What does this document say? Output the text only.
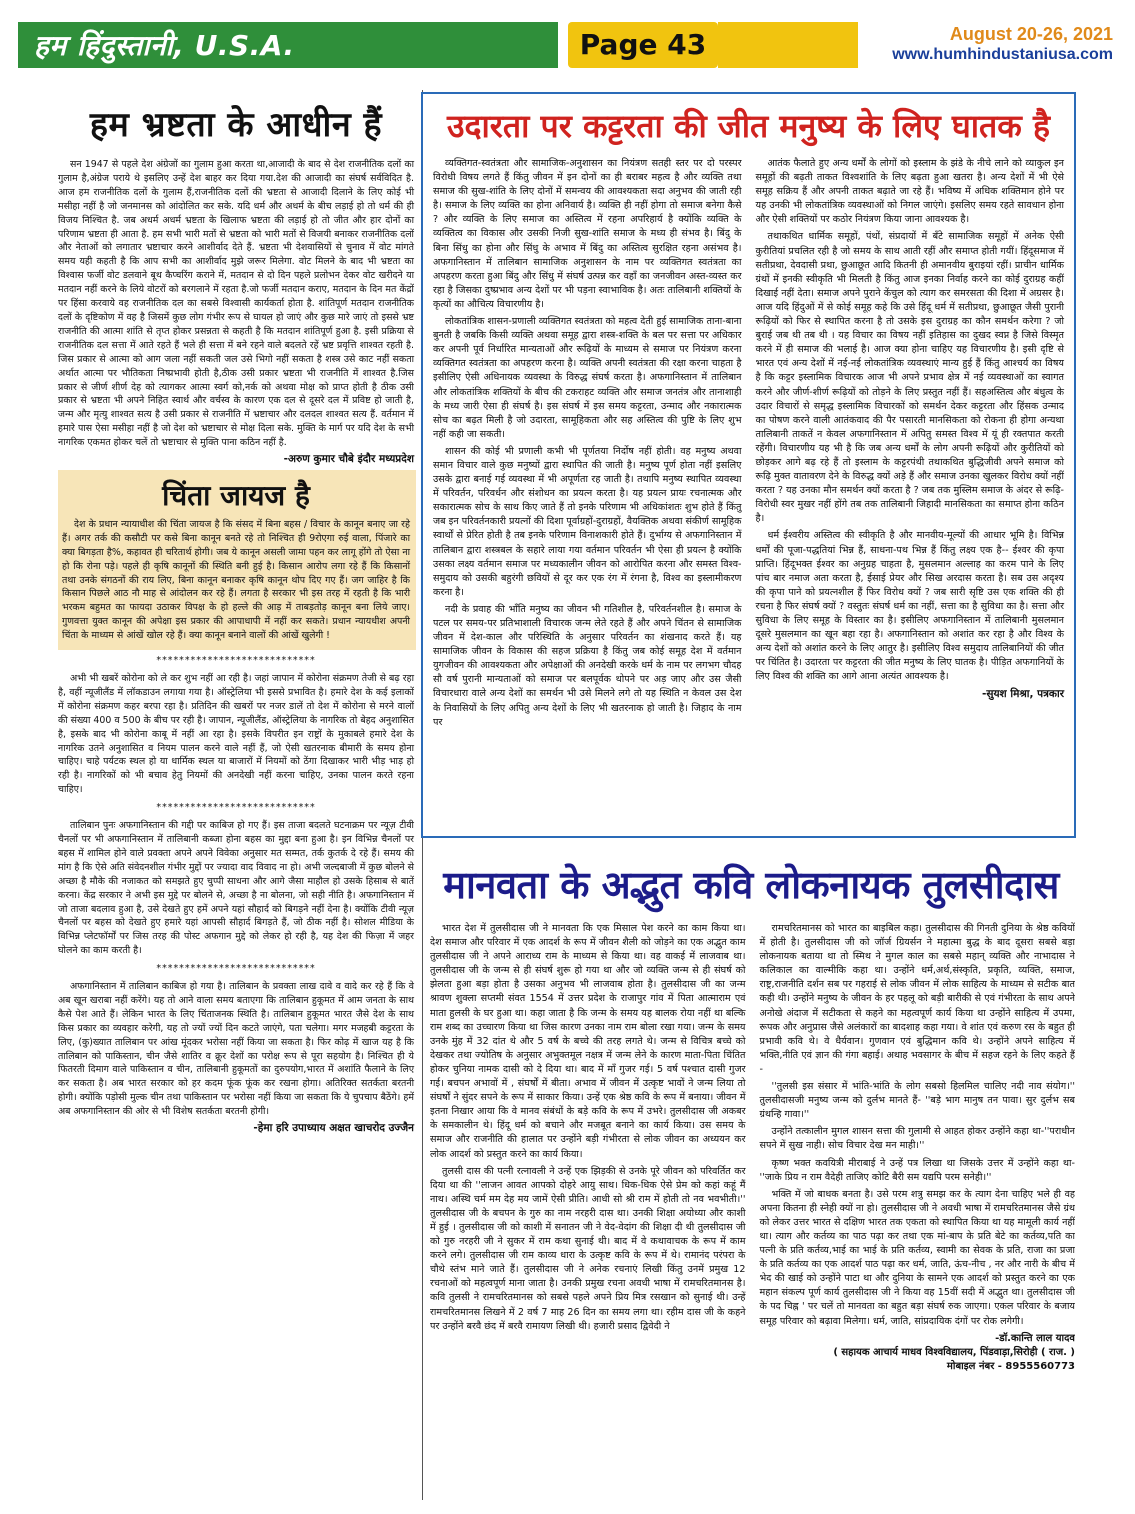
हम हिंदुस्तानी, U.S.A.	Page 43	August 20-26, 2021
www.humhindustaniusa.com
हम भ्रष्टता के आधीन हैं

सन 1947 से पहले देश अंग्रेजों का गुलाम हुआ करता था,आजादी के बाद से देश राजनीतिक दलों का गुलाम है,अंग्रेज पराये थे इसलिए उन्हें देश बाहर कर दिया गया.देश की आजादी का संघर्ष सर्वविदित है. आज हम राजनीतिक दलों के गुलाम हैं,राजनीतिक दलों की भ्रष्टता से आजादी दिलाने के लिए कोई भी मसीहा नहीं है जो जनमानस को आंदोलित कर सके. यदि धर्म और अधर्म के बीच लड़ाई हो तो धर्म की ही विजय निश्चित है. जब अधर्म अधर्म भ्रष्टता के खिलाफ भ्रष्टता की लड़ाई हो तो जीत और हार दोनों का परिणाम भ्रष्टता ही आता है. हम सभी भारी मतों से भ्रष्टता को भारी मतों से विजयी बनाकर राजनीतिक दलों और नेताओं को लगातार भ्रष्टाचार करने आशीर्वाद देते हैं. भ्रष्टता भी देशवासियों से चुनाव में वोट मांगते समय यही कहती है कि आप सभी का आशीर्वाद मुझे जरूर मिलेगा. वोट मिलने के बाद भी भ्रष्टता का विश्वास फर्जी वोट डलवाने बूथ कैप्चरिंग कराने में, मतदान से दो दिन पहले प्रलोभन देकर वोट खरीदने या मतदान नहीं करने के लिये वोटरों को बरगलाने में रहता है.जो फर्जी मतदान कराए, मतदान के दिन मत केंद्रों पर हिंसा करवाये वह राजनीतिक दल का सबसे विश्वासी कार्यकर्ता होता है. शांतिपूर्ण मतदान राजनीतिक दलों के दृष्टिकोण में वह है जिसमें कुछ लोग गंभीर रूप से घायल हो जाएं और कुछ मारे जाएं तो इससे भ्रष्ट राजनीति की आत्मा शांति से तृप्त होकर प्रसन्नता से कहती है कि मतदान शांतिपूर्ण हुआ है. इसी प्रक्रिया से राजनीतिक दल सत्ता में आते रहते हैं भले ही सत्ता में बने रहने वाले बदलते रहें भ्रष्ट प्रवृत्ति शाश्वत रहती है. जिस प्रकार से आत्मा को आग जला नहीं सकती जल उसे भिगो नहीं सकता है शस्त्र उसे काट नहीं सकता अर्थात आत्मा पर भौतिकता निष्प्रभावी होती है,ठीक उसी प्रकार भ्रष्टता भी राजनीति में शाश्वत है.जिस प्रकार से जीर्ण शीर्ण देह को त्यागकर आत्मा स्वर्ग को,नर्क को अथवा मोक्ष को प्राप्त होती है ठीक उसी प्रकार से भ्रष्टता भी अपने निहित स्वार्थ और वर्चस्व के कारण एक दल से दूसरे दल में प्रविष्ट हो जाती है, जन्म और मृत्यु शाश्वत सत्य है उसी प्रकार से राजनीति में भ्रष्टाचार और दलदल शाश्वत सत्य हैं. वर्तमान में हमारे पास ऐसा मसीहा नहीं है जो देश को भ्रष्टाचार से मोक्ष दिला सके. मुक्ति के मार्ग पर यदि देश के सभी नागरिक एकमत होकर चलें तो भ्रष्टाचार से मुक्ति पाना कठिन नहीं है.

-अरुण कुमार चौबे इंदौर मध्यप्रदेश

चिंता जायज है

देश के प्रधान न्यायाधीश की चिंता जायज है कि संसद में बिना बहस / विचार के कानून बनाए जा रहे हैं। अगर तर्क की कसौटी पर कसे बिना कानून बनते रहे तो निश्चित ही 9रोएगा रुई वाला, पिंजारे का क्या बिगड़ता है%, कहावत ही चरितार्थ होगी। जब ये कानून असली जामा पहन कर लागू होंगे तो ऐसा ना हो कि रोना पड़े। पहले ही कृषि कानूनों की स्थिति बनी हुई है। किसान आरोप लगा रहे हैं कि किसानों तथा उनके संगठनों की राय लिए, बिना कानून बनाकर कृषि कानून थोप दिए गए हैं। जग जाहिर है कि किसान पिछले आठ नौ माह से आंदोलन कर रहे हैं। लगता है सरकार भी इस तरह में रहती है कि भारी भरकम बहुमत का फायदा उठाकर विपक्ष के हो हल्ले की आड़ में ताबड़तोड़ कानून बना लिये जाए। गुणवत्ता युक्त कानून की अपेक्षा इस प्रकार की आपाधापी में नहीं कर सकते। प्रधान न्यायधीश अपनी चिंता के माध्यम से आंखें खोल रहे हैं। क्या कानून बनाने वालों की आंखें खुलेगी !

****************************

अभी भी खबरें कोरोना को ले कर शुभ नहीं आ रही है। जहां जापान में कोरोना संक्रमण तेजी से बढ़ रहा है, वहीं न्यूजीलैंड में लॉकडाउन लगाया गया है। ऑस्ट्रेलिया भी इससे प्रभावित है। हमारे देश के कई इलाकों में कोरोना संक्रमण कहर बरपा रहा है। प्रतिदिन की खबरों पर नजर डालें तो देश में कोरोना से मरने वालों की संख्या 400 व 500 के बीच पर रही है। जापान, न्यूजीलैंड, ऑस्ट्रेलिया के नागरिक तो बेहद अनुशासित है, इसके बाद भी कोरोना काबू में नहीं आ रहा है। इसके विपरीत इन राष्ट्रों के मुकाबले हमारे देश के नागरिक उतने अनुशासित व नियम पालन करने वाले नहीं हैं, जो ऐसी खतरनाक बीमारी के समय होना चाहिए। चाहे पर्यटक स्थल हो या धार्मिक स्थल या बाजारों में नियमों को ठेंगा दिखाकर भारी भीड़ भाड़ हो रही है। नागरिकों को भी बचाव हेतु नियमों की अनदेखी नहीं करना चाहिए, उनका पालन करते रहना चाहिए।

****************************

तालिबान पुनः अफगानिस्तान की गद्दी पर काबिज हो गए हैं। इस ताजा बदलते घटनाक्रम पर न्यूज़ टीवी चैनलों पर भी अफगानिस्तान में तालिबानी कब्जा होना बहस का मुद्दा बना हुआ है। इन विभिन्न चैनलों पर बहस में शामिल होने वाले प्रवक्ता अपने अपने विवेका अनुसार मत सम्मत, तर्क कुतर्क दे रहे हैं। समय की मांग है कि ऐसे अति संवेदनशील गंभीर मुद्दों पर ज्यादा वाद विवाद ना हो। अभी जल्दबाजी में कुछ बोलने से अच्छा है मौके की नजाकत को समझते हुए चुप्पी साधना और आगे जैसा माहौल हो उसके हिसाब से बातें करना। केंद्र सरकार ने अभी इस मुद्दे पर बोलने से, अच्छा है ना बोलना, जो सही नीति है। अफगानिस्तान में जो ताजा बदलाव हुआ है, उसे देखते हुए हमें अपने यहां सौहार्द को बिगड़ने नहीं देना है। क्योंकि टीवी न्यूज़ चैनलों पर बहस को देखते हुए हमारे यहां आपसी सौहार्द बिगड़ते हैं, जो ठीक नहीं है। सोशल मीडिया के विभिन्न प्लेटफॉर्मों पर जिस तरह की पोस्ट अफगान मुद्दे को लेकर हो रही है, यह देश की फिज़ा में जहर घोलने का काम करती है।

****************************

अफगानिस्तान में तालिबान काबिज हो गया है। तालिबान के प्रवक्ता लाख दावे व वादे कर रहे हैं कि वे अब खून खराबा नहीं करेंगे। यह तो आने वाला समय बताएगा कि तालिबान हुकूमत में आम जनता के साथ कैसे पेश आते हैं। लेकिन भारत के लिए चिंताजनक स्थिति है। तालिबान हुकूमत भारत जैसे देश के साथ किस प्रकार का व्यवहार करेगी, यह तो ज्यों ज्यों दिन कटते जाएंगे, पता चलेगा। मगर मजहबी कट्टरता के लिए, (कु)ख्यात तालिबान पर आंख मूंदकर भरोसा नहीं किया जा सकता है। फिर कोढ़ में खाज यह है कि तालिबान को पाकिस्तान, चीन जैसे शातिर व क्रूर देशों का परोक्ष रूप से पूरा सहयोग है। निश्चित ही ये फितरती दिमाग वाले पाकिस्तान व चीन, तालिबानी हुकूमतों का दुरुपयोग,भारत में अशांति फैलाने के लिए कर सकता है। अब भारत सरकार को हर कदम फूंक फूंक कर रखना होगा। अतिरिक्त सतर्कता बरतनी होगी। क्योंकि पड़ोसी मुल्क चीन तथा पाकिस्तान पर भरोसा नहीं किया जा सकता कि ये चुपचाप बैठेंगे। हमें अब अफगानिस्तान की ओर से भी विशेष सतर्कता बरतनी होगी।

-हेमा हरि उपाध्याय अक्षत खाचरोद उज्जैन

उदारता पर कट्टरता की जीत मनुष्य के लिए घातक है

व्यक्तिगत-स्वतंत्रता और सामाजिक-अनुशासन का नियंत्रण सतही स्तर पर दो परस्पर विरोधी विषय लगते हैं किंतु जीवन में इन दोनों का ही बराबर महत्व है और व्यक्ति तथा समाज की सुख-शांति के लिए दोनों में समन्वय की आवश्यकता सदा अनुभव की जाती रही है। समाज के लिए व्यक्ति का होना अनिवार्य है। व्यक्ति ही नहीं होगा तो समाज बनेगा कैसे ? और व्यक्ति के लिए समाज का अस्तित्व में रहना अपरिहार्य है क्योंकि व्यक्ति के व्यक्तित्व का विकास और उसकी निजी सुख-शांति समाज के मध्य ही संभव है। बिंदु के बिना सिंधु का होना और सिंधु के अभाव में बिंदु का अस्तित्व सुरक्षित रहना असंभव है। अफगानिस्तान में तालिबान सामाजिक अनुशासन के नाम पर व्यक्तिगत स्वतंत्रता का अपहरण करता हुआ बिंदु और सिंधु में संघर्ष उत्पन्न कर वहाँ का जनजीवन अस्त-व्यस्त कर रहा है जिसका दुष्प्रभाव अन्य देशों पर भी पड़ना स्वाभाविक है। अतः तालिबानी शक्तियों के कृत्यों का औचित्य विचारणीय है।

लोकतांत्रिक शासन-प्रणाली व्यक्तिगत स्वतंत्रता को महत्व देती हुई सामाजिक ताना-बाना बुनती है जबकि किसी व्यक्ति अथवा समूह द्वारा शस्त्र-शक्ति के बल पर सत्ता पर अधिकार कर अपनी पूर्व निर्धारित मान्यताओं और रूढ़ियों के माध्यम से समाज पर नियंत्रण करना व्यक्तिगत स्वतंत्रता का अपहरण करना है। व्यक्ति अपनी स्वतंत्रता की रक्षा करना चाहता है इसीलिए ऐसी अधिनायक व्यवस्था के विरुद्ध संघर्ष करता है। अफगानिस्तान में तालिबान और लोकतांत्रिक शक्तियों के बीच की टकराहट व्यक्ति और समाज जनतंत्र और तानाशाही के मध्य जारी ऐसा ही संघर्ष है। इस संघर्ष में इस समय कट्टरता, उन्माद और नकारात्मक सोच का बढ़त मिली है जो उदारता, सामूहिकता और सह अस्तित्व की पुष्टि के लिए शुभ नहीं कही जा सकती।

शासन की कोई भी प्रणाली कभी भी पूर्णतया निर्दोष नहीं होती। वह मनुष्य अथवा समान विचार वाले कुछ मनुष्यों द्वारा स्थापित की जाती है। मनुष्य पूर्ण होता नहीं इसलिए उसके द्वारा बनाई गई व्यवस्था में भी अपूर्णता रह जाती है। तथापि मनुष्य स्थापित व्यवस्था में परिवर्तन, परिवर्धन और संशोधन का प्रयत्न करता है। यह प्रयत्न प्रायः रचनात्मक और सकारात्मक सोच के साथ किए जाते हैं तो इनके परिणाम भी अधिकांशतः शुभ होते हैं किंतु जब इन परिवर्तनकारी प्रयत्नों की दिशा पूर्वाग्रहों-दुराग्रहों, वैयक्तिक अथवा संकीर्ण सामूहिक स्वार्थों से प्रेरित होती है तब इनके परिणाम विनाशकारी होते हैं। दुर्भाग्य से अफगानिस्तान में तालिबान द्वारा शस्त्रबल के सहारे लाया गया वर्तमान परिवर्तन भी ऐसा ही प्रयत्न है क्योंकि उसका लक्ष्य वर्तमान समाज पर मध्यकालीन जीवन को आरोपित करना और समस्त विश्व-समुदाय को उसकी बहुरंगी छवियों से दूर कर एक रंग में रंगना है, विश्व का इस्लामीकरण करना है।

नदी के प्रवाह की भाँति मनुष्य का जीवन भी गतिशील है, परिवर्तनशील है। समाज के पटल पर समय-पर प्रतिभाशाली विचारक जन्म लेते रहते हैं और अपने चिंतन से सामाजिक जीवन में देश-काल और परिस्थिति के अनुसार परिवर्तन का शंखनाद करते हैं। यह सामाजिक जीवन के विकास की सहज प्रक्रिया है किंतु जब कोई समूह देश में वर्तमान युगजीवन की आवश्यकता और अपेक्षाओं की अनदेखी करके धर्म के नाम पर लगभग चौदह सौ वर्ष पुरानी मान्यताओं को समाज पर बलपूर्वक थोपने पर अड़ जाए और उस जैसी विचारधारा वाले अन्य देशों का समर्थन भी उसे मिलने लगे तो यह स्थिति न केवल उस देश के निवासियों के लिए अपितु अन्य देशों के लिए भी खतरनाक हो जाती है। जिहाद के नाम पर

आतंक फैलाते हुए अन्य धर्मों के लोगों को इस्लाम के झंडे के नीचे लाने को व्याकुल इन समूहों की बढ़ती ताकत विश्वशांति के लिए बढ़ता हुआ खतरा है। अन्य देशों में भी ऐसे समूह सक्रिय हैं और अपनी ताकत बढ़ाते जा रहे हैं। भविष्य में अधिक शक्तिमान होने पर यह उनकी भी लोकतांत्रिक व्यवस्थाओं को निगल जाएंगे। इसलिए समय रहते सावधान होना और ऐसी शक्तियों पर कठोर नियंत्रण किया जाना आवश्यक है।

तथाकथित धार्मिक समूहों, पंथों, संप्रदायों में बँटे सामाजिक समूहों में अनेक ऐसी कुरीतियां प्रचलित रही है जो समय के साथ आती रहीं और समाप्त होती गयीं। हिंदूसमाज में सतीप्रथा, देवदासी प्रथा, छुआछूत आदि कितनी ही अमानवीय बुराइयां रहीं। प्राचीन धार्मिक ग्रंथों में इनकी स्वीकृति भी मिलती है किंतु आज इनका निर्वाह करने का कोई दुराग्रह कहीं दिखाई नहीं देता। समाज अपने पुराने केंचुल को त्याग कर समरसता की दिशा में अग्रसर है। आज यदि हिंदुओं में से कोई समूह कहे कि उसे हिंदू धर्म में सतीप्रथा, छुआछूत जैसी पुरानी रूढ़ियों को फिर से स्थापित करना है तो उसके इस दुराग्रह का कौन समर्थन करेगा ? जो बुराई जब थी तब थी । यह विचार का विषय नहीं इतिहास का दुखद स्वप्न है जिसे विस्मृत करने में ही समाज की भलाई है। आज क्या होना चाहिए यह विचारणीय है। इसी दृष्टि से भारत एवं अन्य देशों में नई-नई लोकतांत्रिक व्यवस्थाएं मान्य हुई हैं किंतु आश्चर्य का विषय है कि कट्टर इस्लामिक विचारक आज भी अपने प्रभाव क्षेत्र में नई व्यवस्थाओं का स्वागत करने और जीर्ण-शीर्ण रूढ़ियों को तोड़ने के लिए प्रस्तुत नहीं हैं। सहअस्तित्व और बंधुत्व के उदार विचारों से समृद्ध इस्लामिक विचारकों को समर्थन देकर कट्टरता और हिंसक उन्माद का पोषण करने वाली आतंकवाद की पैर पसारती मानसिकता को रोकना ही होगा अन्यथा तालिबानी ताकतें न केवल अफगानिस्तान में अपितु समस्त विश्व में यूं ही रक्तपात करती रहेंगी। विचारणीय यह भी है कि जब अन्य धर्मों के लोग अपनी रूढ़ियों और कुरीतियों को छोड़कर आगे बढ़ रहे हैं तो इस्लाम के कट्टरपंथी तथाकथित बुद्धिजीवी अपने समाज को रूढ़ि मुक्त वातावरण देने के विरुद्ध क्यों अड़े हैं और समाज उनका खुलकर विरोध क्यों नहीं करता ? यह उनका मौन समर्थन क्यों करता है ? जब तक मुस्लिम समाज के अंदर से रूढ़ि-विरोधी स्वर मुखर नहीं होंगे तब तक तालिबानी जिहादी मानसिकता का समाप्त होना कठिन है।

धर्म ईश्वरीय अस्तित्व की स्वीकृति है और मानवीय-मूल्यों की आधार भूमि है। विभिन्न धर्मों की पूजा-पद्धतियां भिन्न हैं, साधना-पथ भिन्न हैं किंतु लक्ष्य एक है-- ईश्वर की कृपा प्राप्ति। हिंदूभक्त ईश्वर का अनुग्रह चाहता है, मुसलमान अल्लाह का करम पाने के लिए पांच बार नमाज अता करता है, ईसाई प्रेयर और सिख अरदास करता है। सब उस अदृश्य की कृपा पाने को प्रयत्नशील हैं फिर विरोध क्यों ? जब सारी सृष्टि उस एक शक्ति की ही रचना है फिर संघर्ष क्यों ? वस्तुतः संघर्ष धर्म का नहीं, सत्ता का है सुविधा का है। सत्ता और सुविधा के लिए समूह के विस्तार का है। इसीलिए अफगानिस्तान में तालिबानी मुसलमान दूसरे मुसलमान का खून बहा रहा है। अफगानिस्तान को अशांत कर रहा है और विश्व के अन्य देशों को अशांत करने के लिए आतुर है। इसीलिए विश्व समुदाय तालिबानियों की जीत पर चिंतित है। उदारता पर कट्टरता की जीत मनुष्य के लिए घातक है। पीड़ित अफगानियों के लिए विश्व की शक्ति का आगे आना अत्यंत आवश्यक है।

-सुयश मिश्रा, पत्रकार

मानवता के अद्भुत कवि लोकनायक तुलसीदास

भारत देश में तुलसीदास जी ने मानवता कि एक मिसाल पेश करने का काम किया था। देश समाज और परिवार में एक आदर्श के रूप में जीवन शैली को जोड़ने का एक अद्भुत काम तुलसीदास जी ने अपने आराध्य राम के माध्यम से किया था। वह वाकई में लाजवाब था। तुलसीदास जी के जन्म से ही संघर्ष शुरू हो गया था और जो व्यक्ति जन्म से ही संघर्ष को झेलता हुआ बड़ा होता है उसका अनुभव भी लाजवाब होता है। तुलसीदास जी का जन्म श्रावण शुक्ला सप्तमी संवत 1554 में उत्तर प्रदेश के राजापुर गांव में पिता आत्माराम एवं माता हुलसी के घर हुआ था। कहा जाता है कि जन्म के समय यह बालक रोया नहीं था बल्कि राम शब्द का उच्चारण किया था जिस कारण उनका नाम राम बोला रखा गया। जन्म के समय उनके मुंह में 32 दांत थे और 5 वर्ष के बच्चे की तरह लगते थे। जन्म से विचित्र बच्चे को देखकर तथा ज्योतिष के अनुसार अभुक्तमूल नक्षत्र में जन्म लेने के कारण माता-पिता चिंतित होकर चुनिया नामक दासी को दे दिया था। बाद में माँ गुजर गई। 5 वर्ष पश्चात दासी गुजर गई। बचपन अभावों में , संघर्षों में बीता। अभाव में जीवन में उत्कृष्ट भावों ने जन्म लिया तो संघर्षों ने सुंदर सपने के रूप में साकार किया। उन्हें एक श्रेष्ठ कवि के रूप में बनाया। जीवन में इतना निखार आया कि वे मानव संबंधों के बड़े कवि के रूप में उभरे। तुलसीदास जी अकबर के समकालीन थे। हिंदू धर्म को बचाने और मजबूत बनाने का कार्य किया। उस समय के समाज और राजनीति की हालात पर उन्होंने बड़ी गंभीरता से लोक जीवन का अध्ययन कर लोक आदर्श को प्रस्तुत करने का कार्य किया।

तुलसी दास की पत्नी रत्नावली ने उन्हें एक झिड़की से उनके पूरे जीवन को परिवर्तित कर दिया था की ''लाजन आवत आपको दोहरे आयु साथ। धिक-धिक ऐसे प्रेम को कहां कहूं मैं नाथ। अस्थि चर्म मम देह मय जामें ऐसी प्रीति। आधी सो श्री राम में होती तो नव भवभीती।'' तुलसीदास जी के बचपन के गुरु का नाम नरहरी दास था। उनकी शिक्षा अयोध्या और काशी में हुई । तुलसीदास जी को काशी में सनातन जी ने वेद-वेदांग की शिक्षा दी थी तुलसीदास जी को गुरु नरहरी जी ने सुकर में राम कथा सुनाई थी। बाद में वे कथावाचक के रूप में काम करने लगे। तुलसीदास जी राम काव्य धारा के उत्कृष्ट कवि के रूप में थे। रामानंद परंपरा के चौथे स्तंभ माने जाते हैं। तुलसीदास जी ने अनेक रचनाएं लिखी किंतु उनमें प्रमुख 12 रचनाओं को महत्वपूर्ण माना जाता है। उनकी प्रमुख रचना अवधी भाषा में रामचरितमानस है। कवि तुलसी ने रामचरितमानस को सबसे पहले अपने प्रिय मित्र रसखान को सुनाई थी। उन्हें रामचरितमानस लिखने में 2 वर्ष 7 माह 26 दिन का समय लगा था। रहीम दास जी के कहने पर उन्होंने बरवै छंद में बरवै रामायण लिखी थी। हजारी प्रसाद द्विवेदी ने

रामचरितमानस को भारत का बाइबिल कहा। तुलसीदास की गिनती दुनिया के श्रेष्ठ कवियों में होती है। तुलसीदास जी को जॉर्ज ग्रियर्सन ने महात्मा बुद्ध के बाद दूसरा सबसे बड़ा लोकनायक बताया था तो स्मिथ ने मुगल काल का सबसे महान् व्यक्ति और नाभादास ने कलिकाल का वाल्मीकि कहा था। उन्होंने धर्म,अर्थ,संस्कृति, प्रकृति, व्यक्ति, समाज, राष्ट्र,राजनीति दर्शन सब पर गहराई से लोक जीवन में लोक साहित्य के माध्यम से सटीक बात कही थी। उन्होंने मनुष्य के जीवन के हर पहलू को बड़ी बारीकी से एवं गंभीरता के साथ अपने अनोखे अंदाज में सटीकता से कहने का महत्वपूर्ण कार्य किया था उन्होंने साहित्य में उपमा, रूपक और अनुप्रास जैसे अलंकारों का बादशाह कहा गया। वे शांत एवं करुण रस के बहुत ही प्रभावी कवि थे। वे धैर्यवान। गुणवान एवं बुद्धिमान कवि थे। उन्होंने अपने साहित्य में भक्ति,नीति एवं ज्ञान की गंगा बहाई। अथाह भवसागर के बीच में सहज रहने के लिए कहते हैं -

''तुलसी इस संसार में भांति-भांति के लोग सबसो हिलमिल चालिए नदी नाव संयोग।'' तुलसीदासजी मनुष्य जन्म को दुर्लभ मानते हैं- ''बड़े भाग मानुष तन पावा। सुर दुर्लभ सब ग्रंथन्हि गावा।''

उन्होंने तत्कालीन मुगल शासन सत्ता की गुलामी से आहत होकर उन्होंने कहा था-''पराधीन सपने में सुख नाही। सोच विचार देख मन माही।''

कृष्ण भक्त कवयित्री मीराबाई ने उन्हें पत्र लिखा था जिसके उत्तर में उन्होंने कहा था- ''जाके प्रिय न राम वैदेही ताजिए कोटि बैरी सम यद्यपि परम सनेही।''

भक्ति में जो बाधक बनता है। उसे परम शत्रु समझ कर के त्याग देना चाहिए भले ही वह अपना कितना ही स्नेही क्यों ना हो। तुलसीदास जी ने अवधी भाषा में रामचरितमानस जैसे ग्रंथ को लेकर उत्तर भारत से दक्षिण भारत तक एकता को स्थापित किया था यह मामूली कार्य नहीं था। त्याग और कर्तव्य का पाठ पढ़ा कर तथा एक मां-बाप के प्रति बेटे का कर्तव्य,पति का पत्नी के प्रति कर्तव्य,भाई का भाई के प्रति कर्तव्य, स्वामी का सेवक के प्रति, राजा का प्रजा के प्रति कर्तव्य का एक आदर्श पाठ पढ़ा कर धर्म, जाति, ऊंच-नीच , नर और नारी के बीच में भेद की खाई को उन्होंने पाटा था और दुनिया के सामने एक आदर्श को प्रस्तुत करने का एक महान संकल्प पूर्ण कार्य तुलसीदास जी ने किया वह 15वीं सदी में अद्भुत था। तुलसीदास जी के पद चिह्न ' पर चलें तो मानवता का बहुत बड़ा संघर्ष रुक जाएगा। एकल परिवार के बजाय समूह परिवार को बढ़ावा मिलेगा। धर्म, जाति, सांप्रदायिक दंगों पर रोक लगेगी।

-डॉ.कान्ति लाल यादव
( सहायक आचार्य माधव विश्वविद्यालय, पिंडवाड़ा,सिरोही ( राज. )
मोबाइल नंबर - 8955560773
